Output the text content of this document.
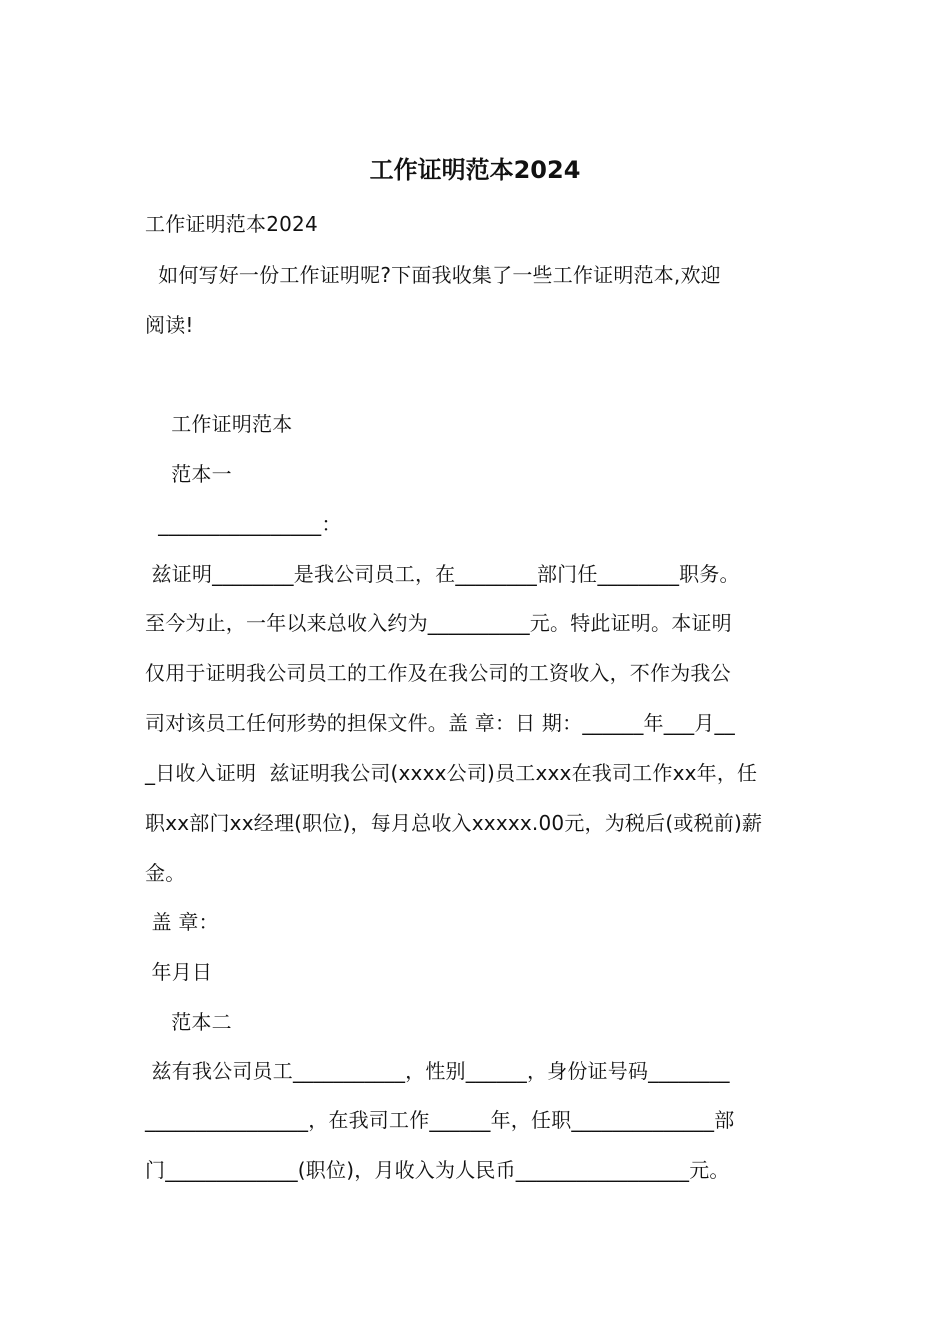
工作证明范本2024
工作证明范本2024
如何写好一份工作证明呢?下面我收集了一些工作证明范本,欢迎
阅读!
工作证明范本
范本一
________________：
兹证明________是我公司员工，在________部门任________职务。
至今为止，一年以来总收入约为__________元。特此证明。本证明
仅用于证明我公司员工的工作及在我公司的工资收入，不作为我公
司对该员工任何形势的担保文件。盖 章：日 期：______年___月__
_日收入证明  兹证明我公司(xxxx公司)员工xxx在我司工作xx年，任
职xx部门xx经理(职位)，每月总收入xxxxx.00元，为税后(或税前)薪
金。
盖 章：
年月日
范本二
兹有我公司员工___________，性别______，身份证号码________
________________，在我司工作______年，任职______________部
门_____________(职位)，月收入为人民币_________________元。
